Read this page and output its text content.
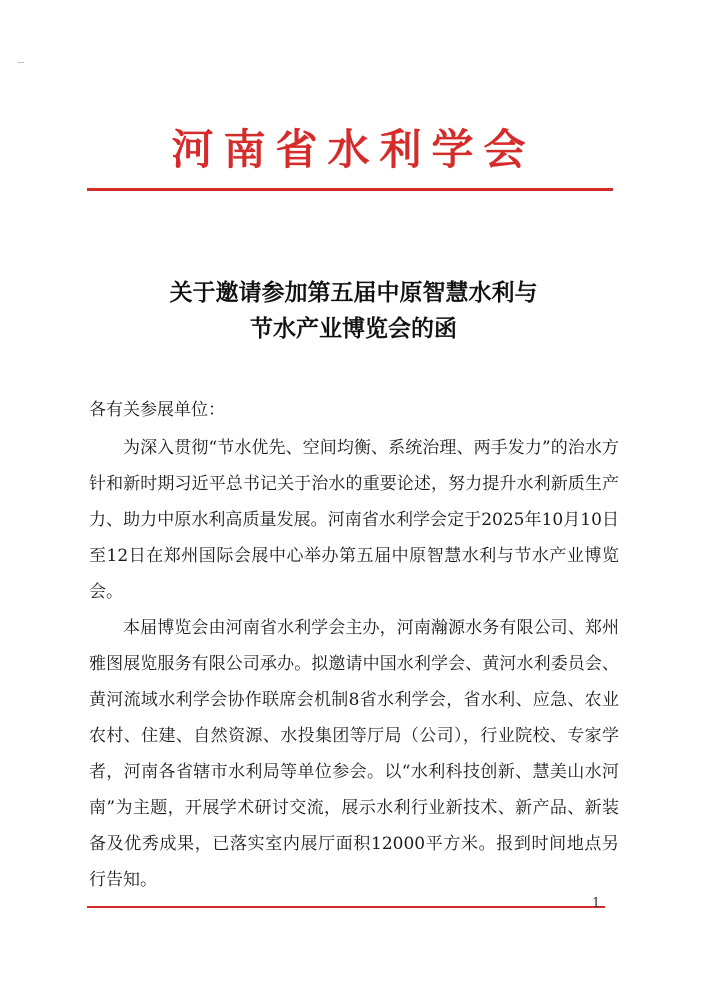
河南省水利学会
关于邀请参加第五届中原智慧水利与
节水产业博览会的函
各有关参展单位：

为深入贯彻“节水优先、空间均衡、系统治理、两手发力”的治水方针和新时期习近平总书记关于治水的重要论述，努力提升水利新质生产力、助力中原水利高质量发展。河南省水利学会定于2025年10月10日至12日在郑州国际会展中心举办第五届中原智慧水利与节水产业博览会。

本届博览会由河南省水利学会主办，河南瀚源水务有限公司、郑州雅图展览服务有限公司承办。拟邀请中国水利学会、黄河水利委员会、黄河流域水利学会协作联席会机制8省水利学会，省水利、应急、农业农村、住建、自然资源、水投集团等厅局（公司），行业院校、专家学者，河南各省辖市水利局等单位参会。以“水利科技创新、慧美山水河南”为主题，开展学术研讨交流，展示水利行业新技术、新产品、新装备及优秀成果，已落实室内展厅面积12000平方米。报到时间地点另行告知。

1
